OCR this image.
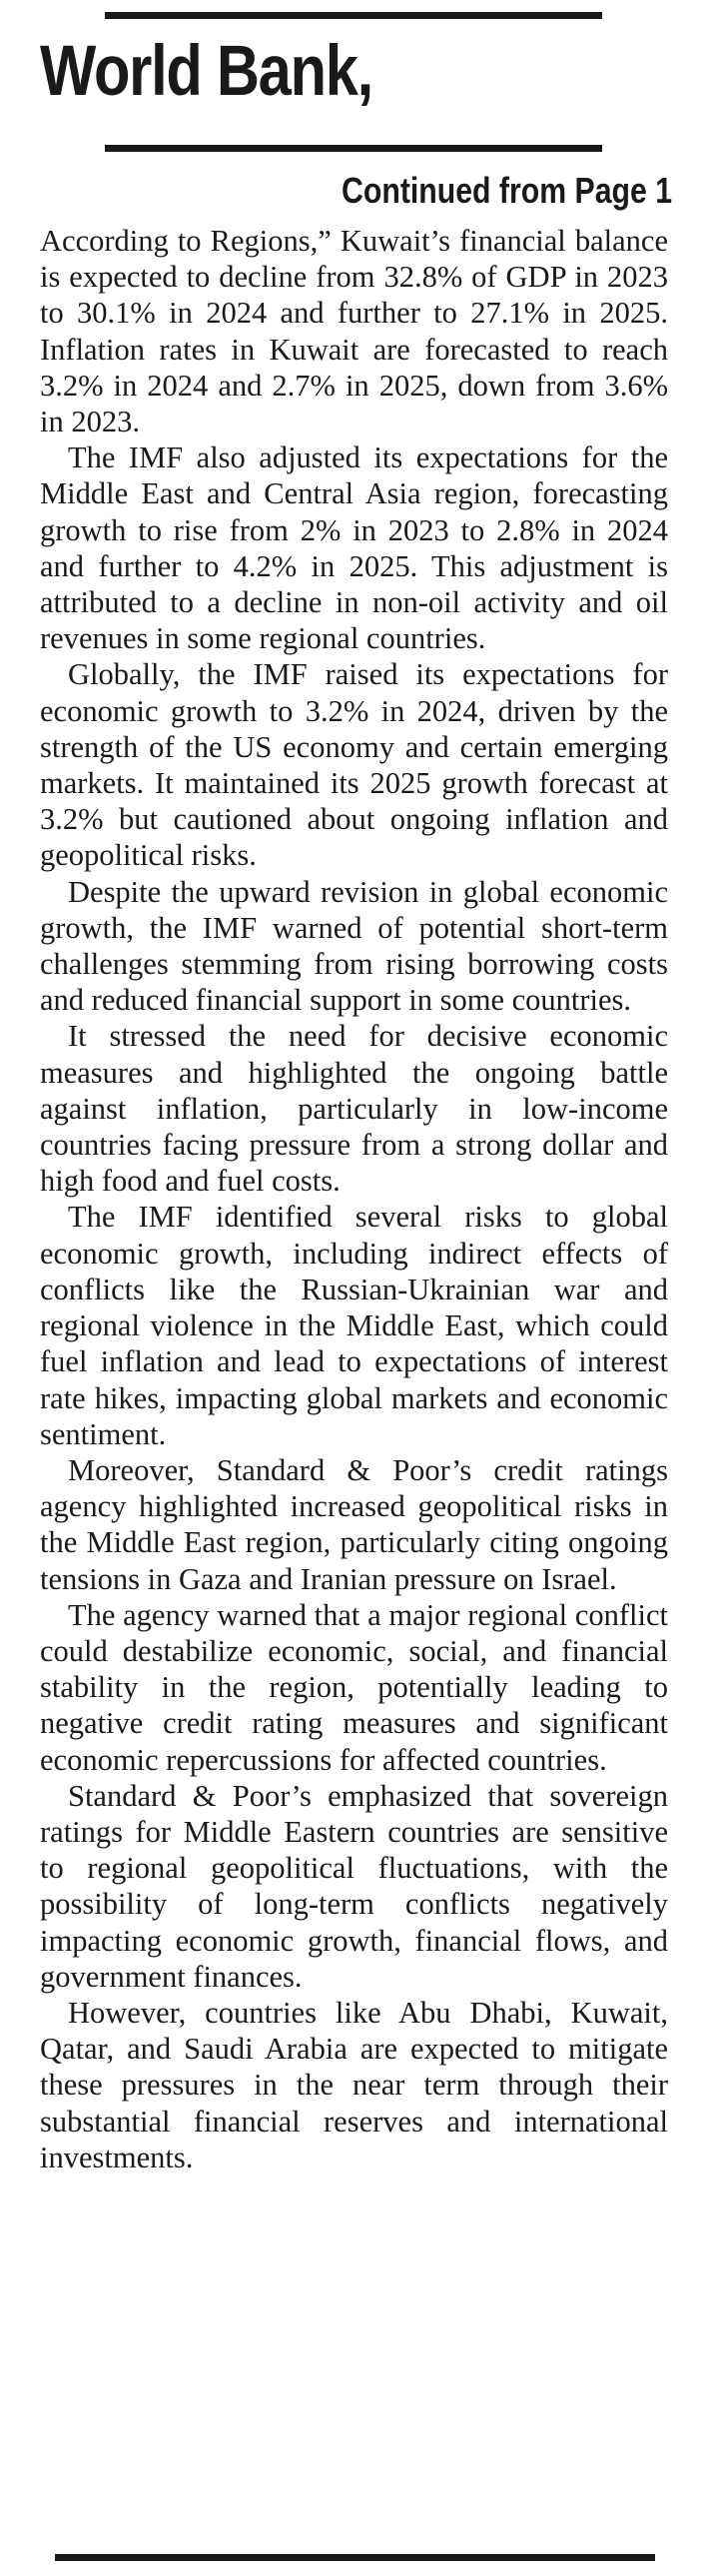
World Bank,
Continued from Page 1

According to Regions,” Kuwait’s financial balance is expected to decline from 32.8% of GDP in 2023 to 30.1% in 2024 and further to 27.1% in 2025. Inflation rates in Kuwait are forecasted to reach 3.2% in 2024 and 2.7% in 2025, down from 3.6% in 2023.

The IMF also adjusted its expectations for the Middle East and Central Asia region, forecasting growth to rise from 2% in 2023 to 2.8% in 2024 and further to 4.2% in 2025. This adjustment is attributed to a decline in non-oil activity and oil revenues in some regional countries.

Globally, the IMF raised its expectations for economic growth to 3.2% in 2024, driven by the strength of the US economy and certain emerging markets. It maintained its 2025 growth forecast at 3.2% but cautioned about ongoing inflation and geopolitical risks.

Despite the upward revision in global economic growth, the IMF warned of potential short-term challenges stemming from rising borrowing costs and reduced financial support in some countries.

It stressed the need for decisive economic measures and highlighted the ongoing battle against inflation, particularly in low-income countries facing pressure from a strong dollar and high food and fuel costs.

The IMF identified several risks to global economic growth, including indirect effects of conflicts like the Russian-Ukrainian war and regional violence in the Middle East, which could fuel inflation and lead to expectations of interest rate hikes, impacting global markets and economic sentiment.

Moreover, Standard & Poor’s credit ratings agency highlighted increased geopolitical risks in the Middle East region, particularly citing ongoing tensions in Gaza and Iranian pressure on Israel.

The agency warned that a major regional conflict could destabilize economic, social, and financial stability in the region, potentially leading to negative credit rating measures and significant economic repercussions for affected countries.

Standard & Poor’s emphasized that sovereign ratings for Middle Eastern countries are sensitive to regional geopolitical fluctuations, with the possibility of long-term conflicts negatively impacting economic growth, financial flows, and government finances.

However, countries like Abu Dhabi, Kuwait, Qatar, and Saudi Arabia are expected to mitigate these pressures in the near term through their substantial financial reserves and international investments.
